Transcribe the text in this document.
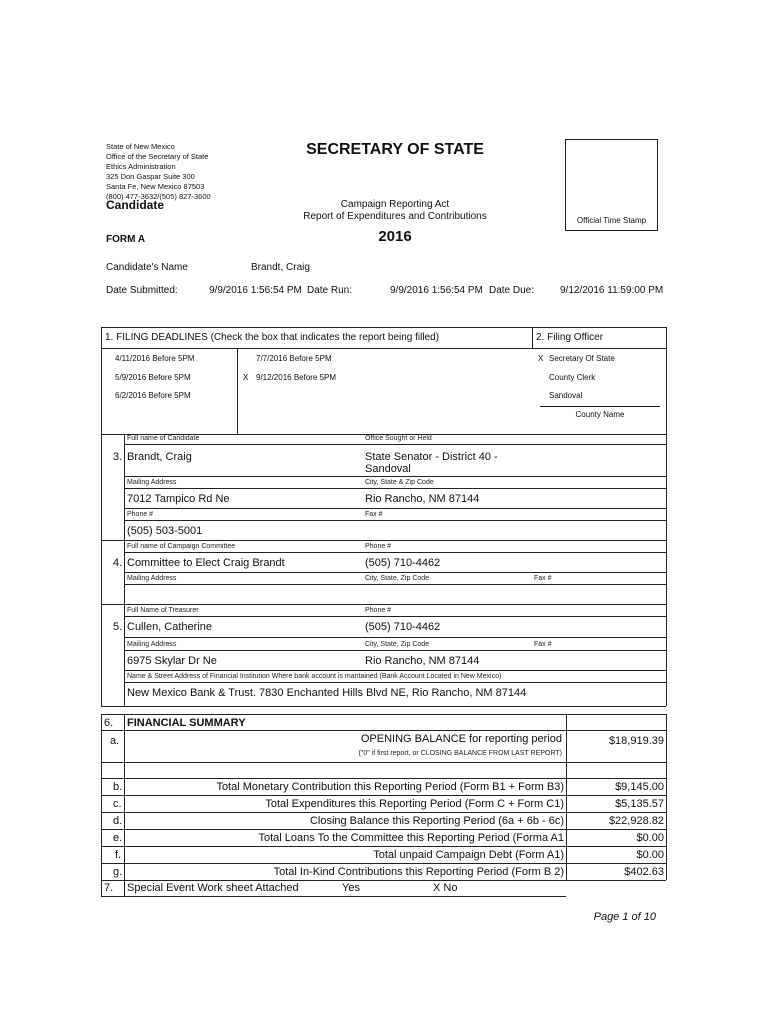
State of New Mexico
Office of the Secretary of State
Ethics Administration
325 Don Gaspar Suite 300
Santa Fe, New Mexico 87503
(800) 477-3632/(505) 827-3600
SECRETARY OF STATE
Candidate	Campaign Reporting Act
Report of Expenditures and Contributions
2016
FORM A
Official Time Stamp
Candidate's Name	Brandt, Craig
Date Submitted:	9/9/2016 1:56:54 PM Date Run:	9/9/2016 1:56:54 PM Date Due:	9/12/2016 11:59:00 PM
1. FILING DEADLINES (Check the box that indicates the report being filled)	2. Filing Officer
4/11/2016 Before 5PM
5/9/2016 Before 5PM
6/2/2016 Before 5PM
7/7/2016 Before 5PM
X 9/12/2016 Before 5PM
X Secretary Of State
County Clerk
Sandoval
County Name
Full name of Candidate	Office Sought or Held
3. Brandt, Craig	State Senator - District 40 -
Sandoval
Mailing Address	City, State & Zip Code
7012 Tampico Rd Ne	Rio Rancho, NM 87144
Phone #	Fax #
(505) 503-5001
Full name of Campaign Committee	Phone #
4. Committee to Elect Craig Brandt	(505) 710-4462
Mailing Address	City, State, Zip Code	Fax #
Full Name of Treasurer	Phone #
5. Cullen, Catherine	(505) 710-4462
Mailing Address	City, State, Zip Code	Fax #
6975 Skylar Dr Ne	Rio Rancho, NM 87144
Name & Street Address of Financial Institution Where bank account is mantained (Bank Account Located in New Mexico)
New Mexico Bank & Trust. 7830 Enchanted Hills Blvd NE, Rio Rancho, NM 87144
6. FINANCIAL SUMMARY
a.	OPENING BALANCE for reporting period
("0" if first report, or CLOSING BALANCE FROM LAST REPORT)
$18,919.39
b.	Total Monetary Contribution this Reporting Period (Form B1 + Form B3)	$9,145.00
c.	Total Expenditures this Reporting Period (Form C + Form C1)	$5,135.57
d.	Closing Balance this Reporting Period (6a + 6b - 6c)	$22,928.82
e.	Total Loans To the Committee this Reporting Period (Forma A1	$0.00
f.	Total unpaid Campaign Debt (Form A1)	$0.00
g.	Total In-Kind Contributions this Reporting Period (Form B 2)	$402.63
7. Special Event Work sheet Attached	Yes	X No
Page 1 of 10
